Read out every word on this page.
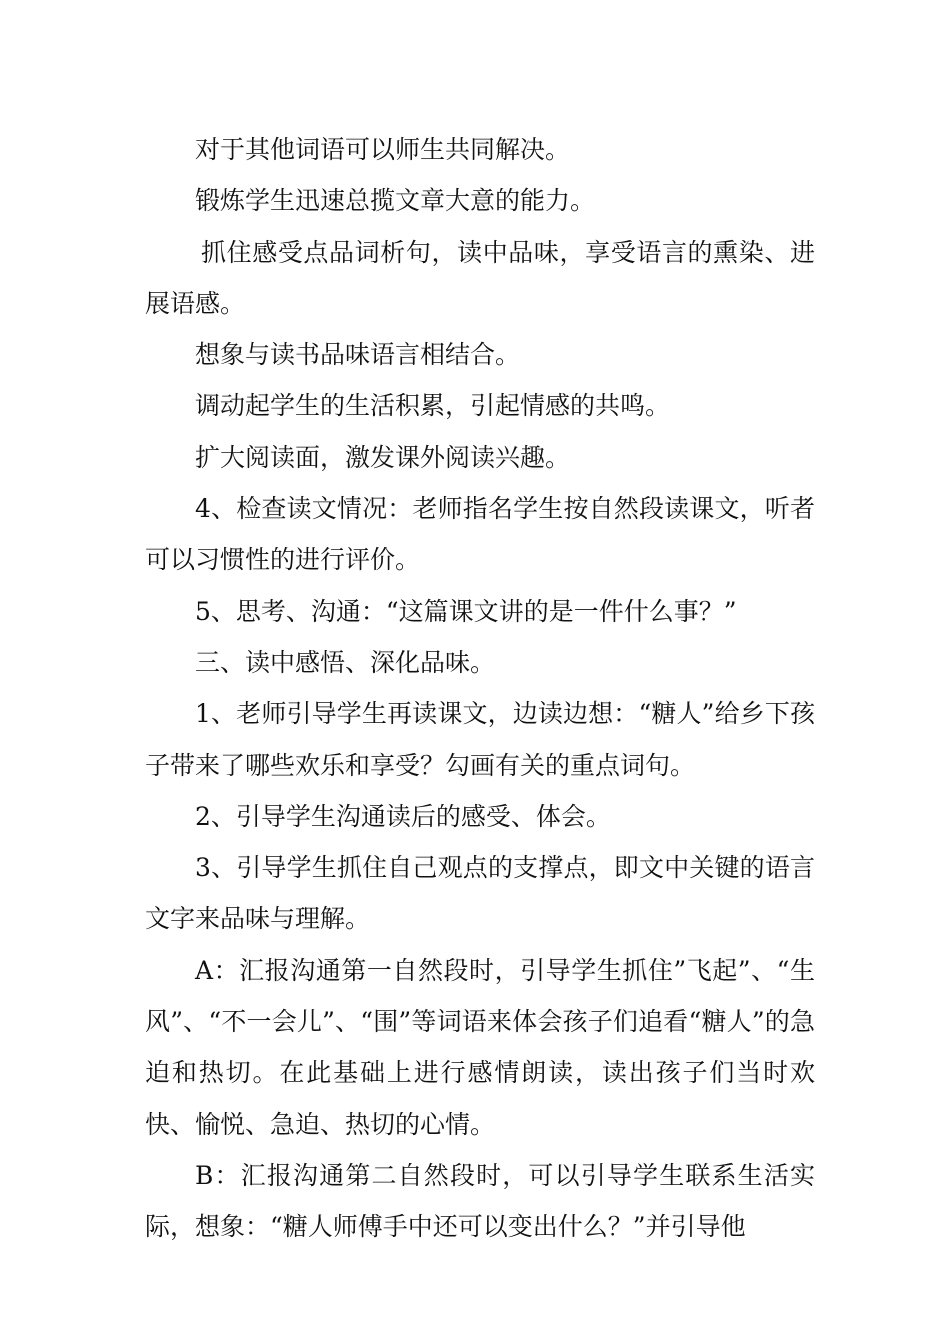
对于其他词语可以师生共同解决。

锻炼学生迅速总揽文章大意的能力。

抓住感受点品词析句，读中品味，享受语言的熏染、进展语感。

想象与读书品味语言相结合。

调动起学生的生活积累，引起情感的共鸣。

扩大阅读面，激发课外阅读兴趣。

4、检查读文情况：老师指名学生按自然段读课文，听者可以习惯性的进行评价。

5、思考、沟通：“这篇课文讲的是一件什么事？”

三、读中感悟、深化品味。

1、老师引导学生再读课文，边读边想：“糖人”给乡下孩子带来了哪些欢乐和享受？勾画有关的重点词句。

2、引导学生沟通读后的感受、体会。

3、引导学生抓住自己观点的支撑点，即文中关键的语言文字来品味与理解。

A：汇报沟通第一自然段时，引导学生抓住”飞起”、“生风”、“不一会儿”、“围”等词语来体会孩子们追看“糖人”的急迫和热切。在此基础上进行感情朗读，读出孩子们当时欢快、愉悦、急迫、热切的心情。

B：汇报沟通第二自然段时，可以引导学生联系生活实际，想象：“糖人师傅手中还可以变出什么？”并引导他
